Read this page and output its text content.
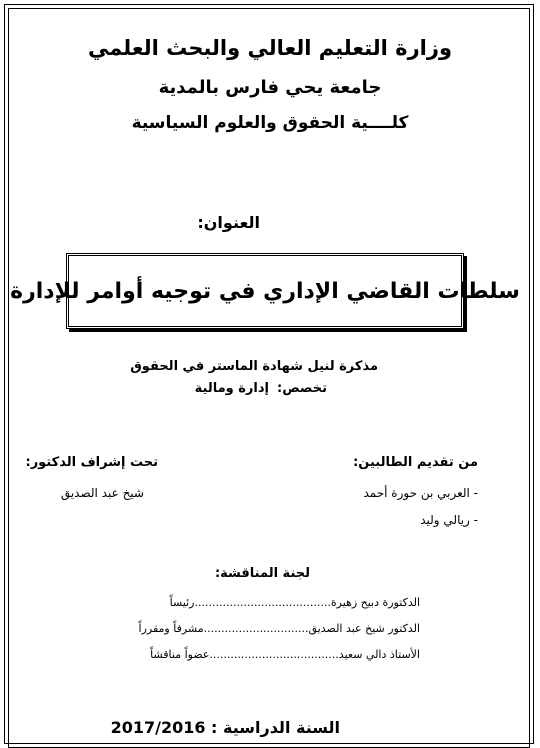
وزارة التعليم العالي والبحث العلمي
جامعة يحي فارس بالمدية
كلــــية الحقوق والعلوم السياسية
العنوان:
سلطات القاضي الإداري في توجيه أوامر للإدارة
مذكرة لنيل شهادة الماستر في الحقوق
تخصص:إدارة ومالية
من تقديم الطالبين:
- العربي بن حورة أحمد
- ريالي وليد
تحت إشراف الدكتور:
شيخ عبد الصديق
لجنة المناقشة:
الدكتورة دبيح زهيرة.......................................رئيساً
الدكتور شيخ عبد الصديق..............................مشرفاً ومقرراً
الأستاذ دالي سعيد.....................................عضواً مناقشاً
السنة الدراسية : 2017/2016
